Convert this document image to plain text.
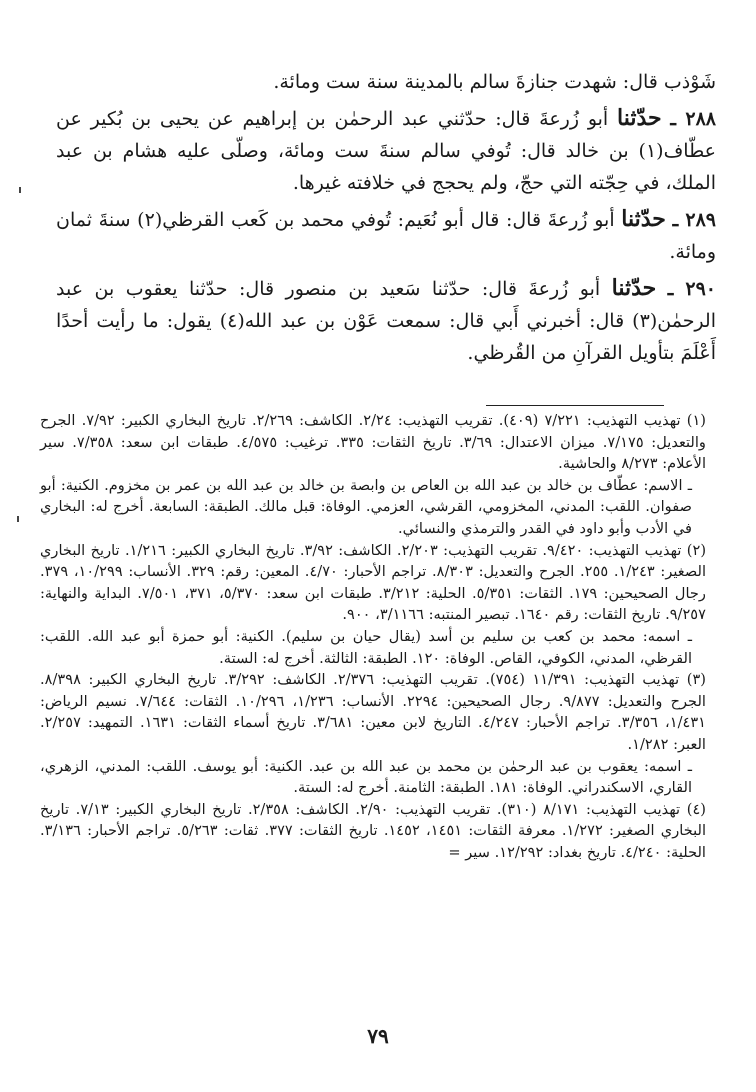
شَوْذب قال: شهدت جنازةَ سالم بالمدينة سنة ست ومائة.

٢٨٨ ـ حدّثنا أبو زُرعةَ قال: حدّثني عبد الرحمٰن بن إبراهيم عن يحيى بن بُكير عن عطّاف(١) بن خالد قال: تُوفي سالم سنةَ ست ومائة، وصلّى عليه هشام بن عبد الملك، في حِجّته التي حجّ، ولم يحجج في خلافته غيرها.

٢٨٩ ـ حدّثنا أبو زُرعةَ قال: قال أبو نُعَيم: تُوفي محمد بن كَعب القرظي(٢) سنةَ ثمان ومائة.

٢٩٠ ـ حدّثنا أبو زُرعةَ قال: حدّثنا سَعيد بن منصور قال: حدّثنا يعقوب بن عبد الرحمٰن(٣) قال: أخبرني أَبي قال: سمعت عَوْن بن عبد الله(٤) يقول: ما رأيت أحدًا أَعْلَمَ بتأويل القرآنِ من القُرظي.

(١) تهذيب التهذيب: ٧/٢٢١ (٤٠٩). تقريب التهذيب: ٢/٢٤. الكاشف: ٢/٢٦٩. تاريخ البخاري الكبير: ٧/٩٢. الجرح والتعديل: ٧/١٧٥. ميزان الاعتدال: ٣/٦٩. تاريخ الثقات: ٣٣٥. ترغيب: ٤/٥٧٥. طبقات ابن سعد: ٧/٣٥٨. سير الأعلام: ٨/٢٧٣ والحاشية.
ـ الاسم: عطّاف بن خالد بن عبد الله بن العاص بن وابصة بن خالد بن عبد الله بن عمر بن مخزوم. الكنية: أبو صفوان. اللقب: المدني، المخزومي، القرشي، العزمي. الوفاة: قبل مالك. الطبقة: السابعة. أخرج له: البخاري في الأدب وأبو داود في القدر والترمذي والنسائي.
(٢) تهذيب التهذيب: ٩/٤٢٠. تقريب التهذيب: ٢/٢٠٣. الكاشف: ٣/٩٢. تاريخ البخاري الكبير: ١/٢١٦. تاريخ البخاري الصغير: ١/٢٤٣. ٢٥٥. الجرح والتعديل: ٨/٣٠٣. تراجم الأحبار: ٤/٧٠. المعين: رقم: ٣٢٩. الأنساب: ١٠/٢٩٩، ٣٧٩. رجال الصحيحين: ١٧٩. الثقات: ٥/٣٥١. الحلية: ٣/٢١٢. طبقات ابن سعد: ٥/٣٧٠، ٣٧١، ٧/٥٠١. البداية والنهاية: ٩/٢٥٧. تاريخ الثقات: رقم ١٦٤٠. تبصير المنتبه: ٣/١١٦٦، ٩٠٠.
ـ اسمه: محمد بن كعب بن سليم بن أسد (يقال حيان بن سليم). الكنية: أبو حمزة أبو عبد الله. اللقب: القرظي، المدني، الكوفي، القاص. الوفاة: ١٢٠. الطبقة: الثالثة. أخرج له: الستة.
(٣) تهذيب التهذيب: ١١/٣٩١ (٧٥٤). تقريب التهذيب: ٢/٣٧٦. الكاشف: ٣/٢٩٢. تاريخ البخاري الكبير: ٨/٣٩٨. الجرح والتعديل: ٩/٨٧٧. رجال الصحيحين: ٢٢٩٤. الأنساب: ١/٢٣٦، ١٠/٢٩٦. الثقات: ٧/٦٤٤. نسيم الرياض: ١/٤٣١، ٣/٣٥٦. تراجم الأحبار: ٤/٢٤٧. التاريخ لابن معين: ٣/٦٨١. تاريخ أسماء الثقات: ١٦٣١. التمهيد: ٢/٢٥٧. العبر: ١/٢٨٢.
ـ اسمه: يعقوب بن عبد الرحمٰن بن محمد بن عبد الله بن عبد. الكنية: أبو يوسف. اللقب: المدني، الزهري، القاري، الاسكندراني. الوفاة: ١٨١. الطبقة: الثامنة. أخرج له: الستة.
(٤) تهذيب التهذيب: ٨/١٧١ (٣١٠). تقريب التهذيب: ٢/٩٠. الكاشف: ٢/٣٥٨. تاريخ البخاري الكبير: ٧/١٣. تاريخ البخاري الصغير: ١/٢٧٢. معرفة الثقات: ١٤٥١، ١٤٥٢. تاريخ الثقات: ٣٧٧. ثقات: ٥/٢٦٣. تراجم الأحبار: ٣/١٣٦. الحلية: ٤/٢٤٠. تاريخ بغداد: ١٢/٢٩٢. سير =
٧٩
